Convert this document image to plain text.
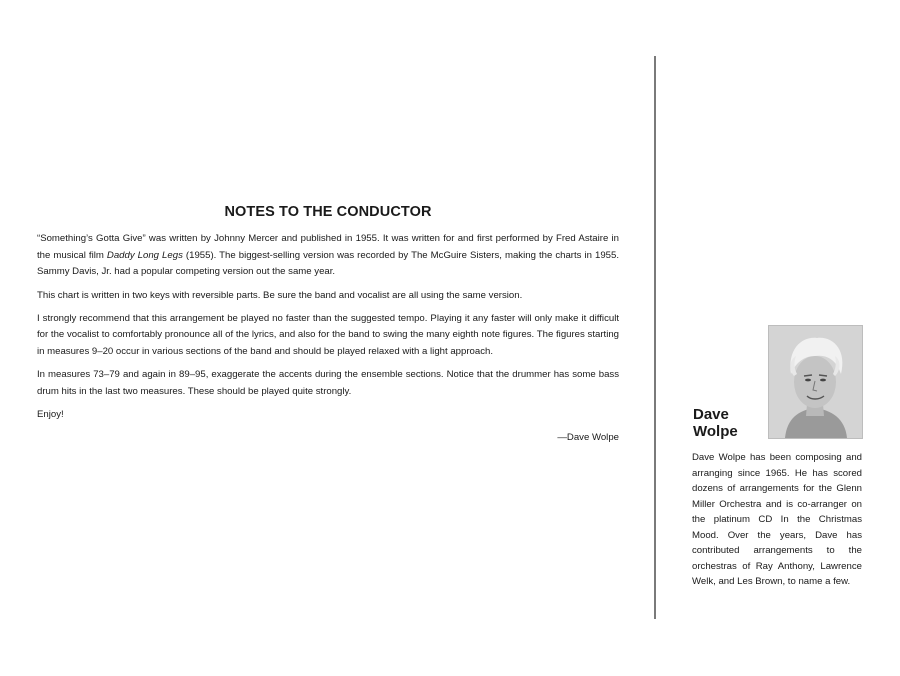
NOTES TO THE CONDUCTOR

“Something’s Gotta Give” was written by Johnny Mercer and published in 1955. It was written for and first performed by Fred Astaire in the musical film Daddy Long Legs (1955). The biggest-selling version was recorded by The McGuire Sisters, making the charts in 1955. Sammy Davis, Jr. had a popular competing version out the same year.

This chart is written in two keys with reversible parts. Be sure the band and vocalist are all using the same version.

I strongly recommend that this arrangement be played no faster than the suggested tempo. Playing it any faster will only make it difficult for the vocalist to comfortably pronounce all of the lyrics, and also for the band to swing the many eighth note figures. The figures starting in measures 9–20 occur in various sections of the band and should be played relaxed with a light approach.

In measures 73–79 and again in 89–95, exaggerate the accents during the ensemble sections. Notice that the drummer has some bass drum hits in the last two measures. These should be played quite strongly.

Enjoy!

—Dave Wolpe
Dave
Wolpe
Dave Wolpe has been composing and arranging since 1965. He has scored dozens of arrangements for the Glenn Miller Orchestra and is co-arranger on the platinum CD In the Christmas Mood. Over the years, Dave has contributed arrangements to the orchestras of Ray Anthony, Lawrence Welk, and Les Brown, to name a few.
